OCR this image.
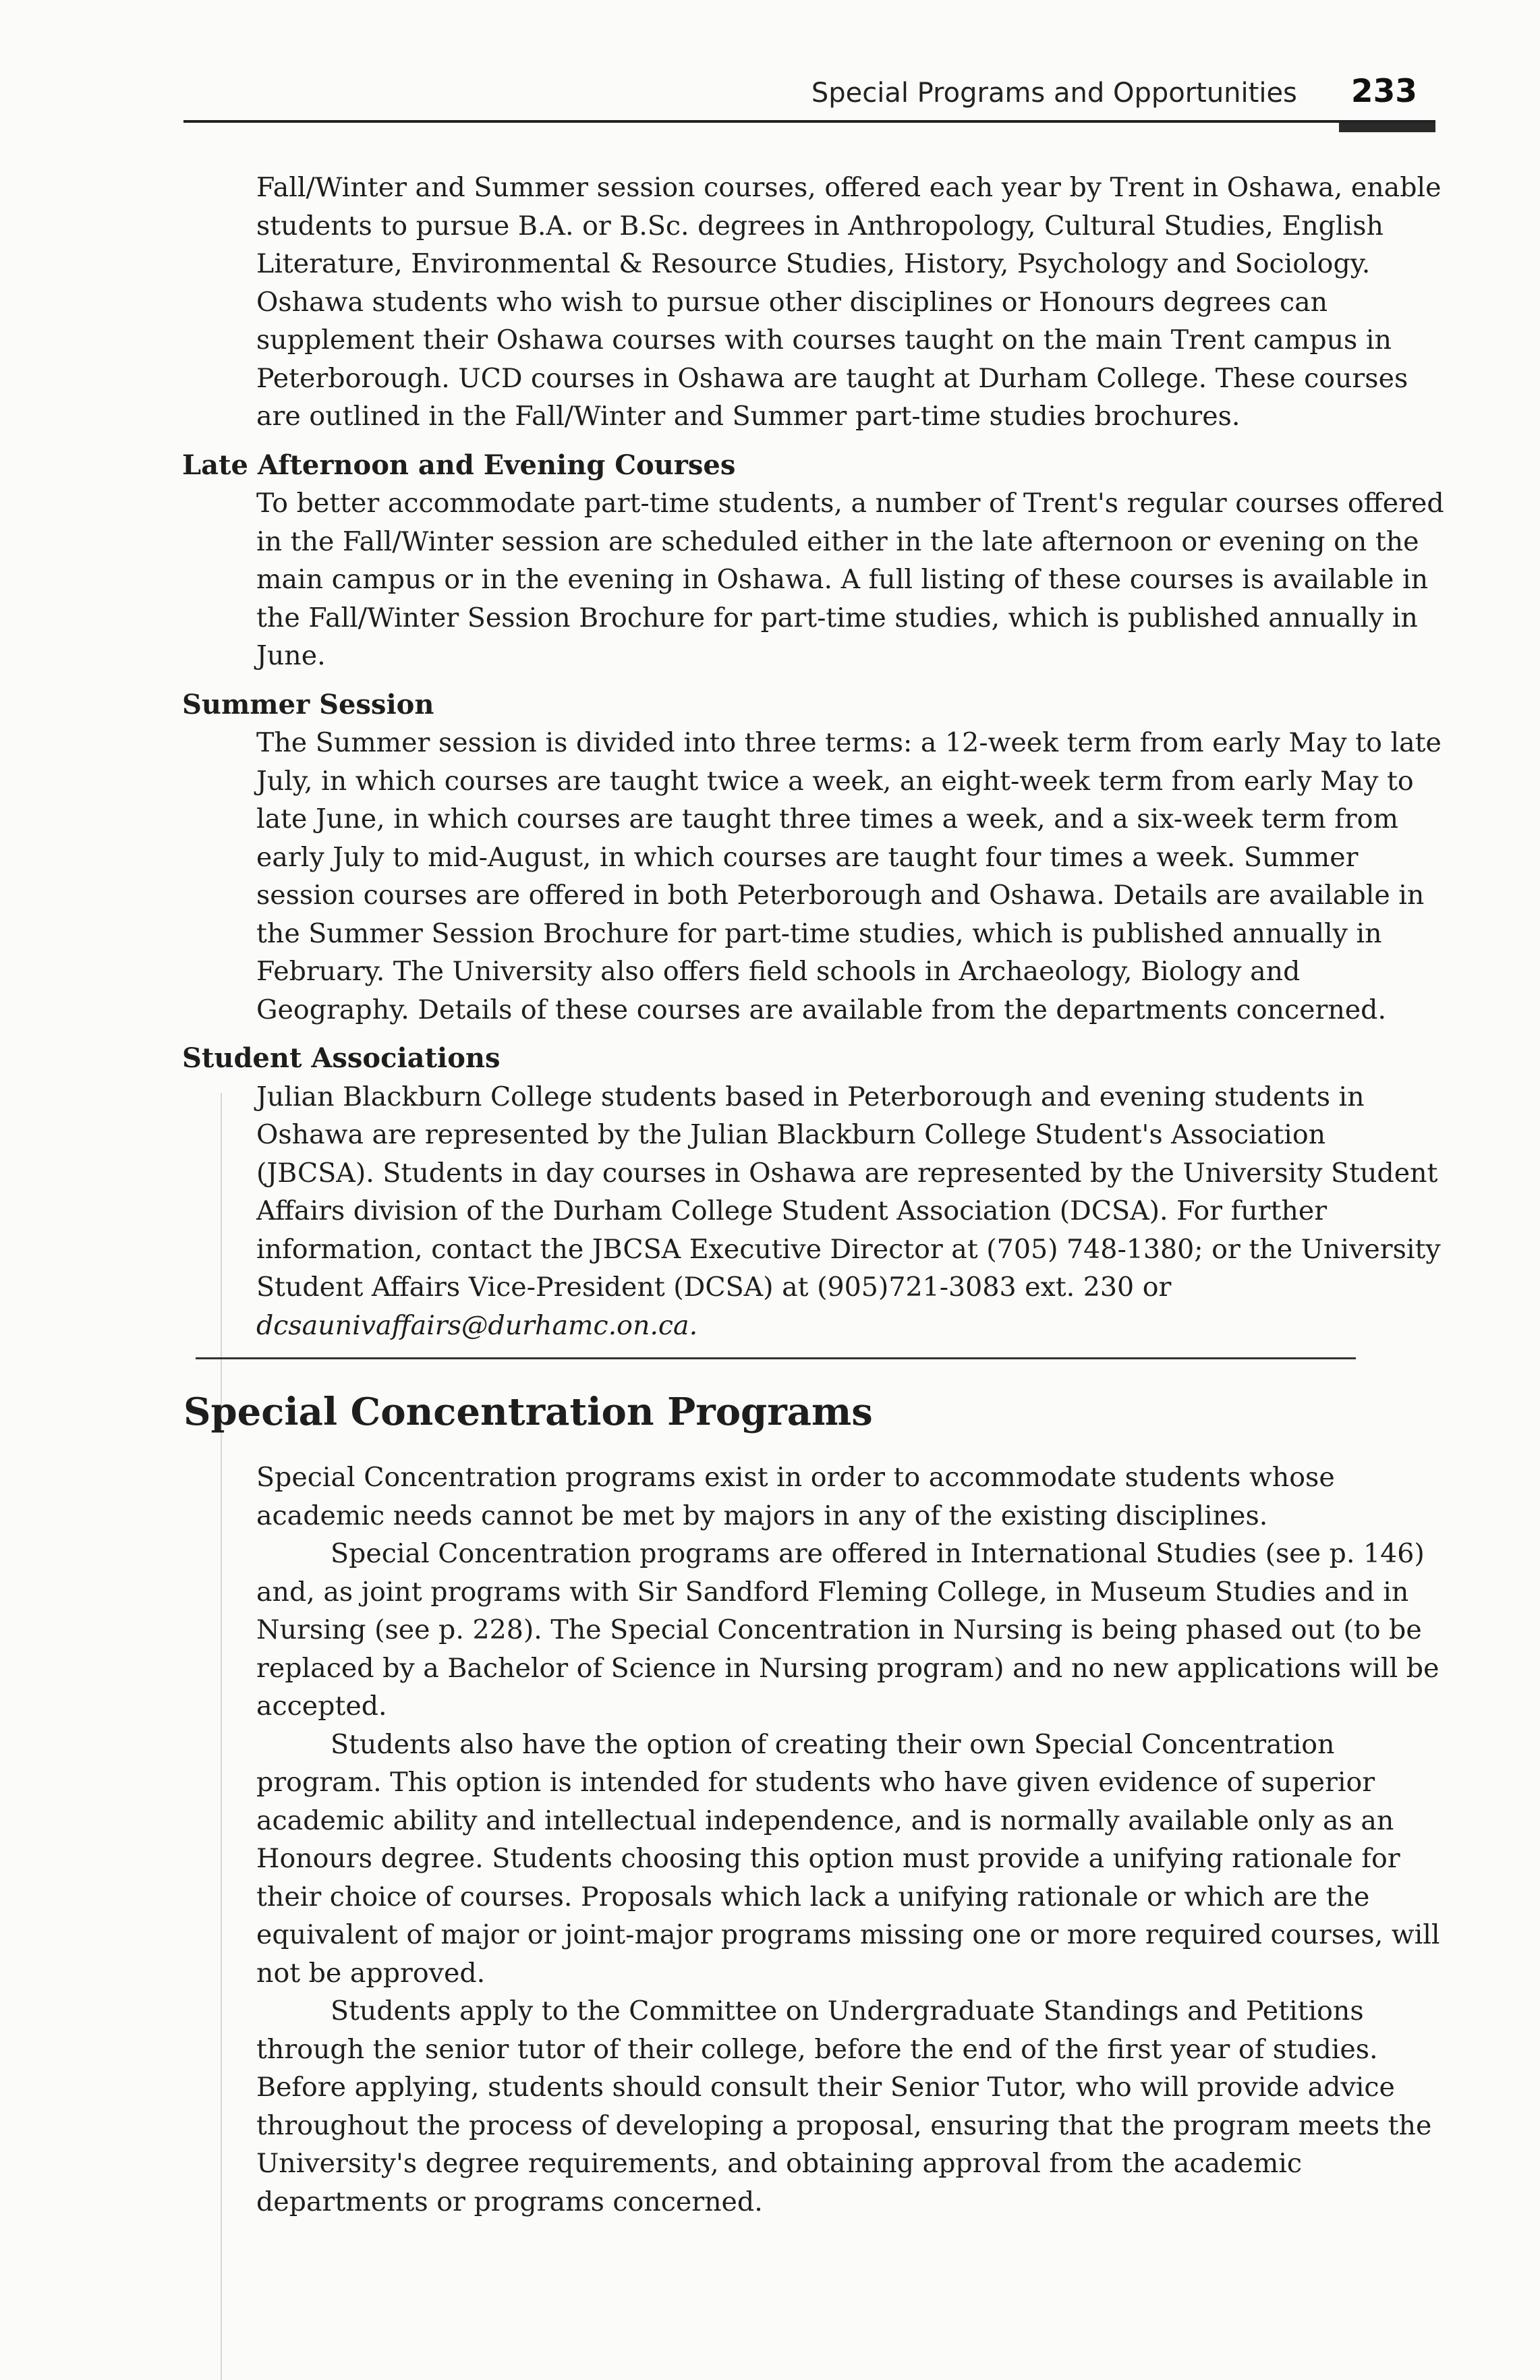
Special Programs and Opportunities 233

Fall/Winter and Summer session courses, offered each year by Trent in Oshawa, enable students to pursue B.A. or B.Sc. degrees in Anthropology, Cultural Studies, English Literature, Environmental & Resource Studies, History, Psychology and Sociology. Oshawa students who wish to pursue other disciplines or Honours degrees can supplement their Oshawa courses with courses taught on the main Trent campus in Peterborough. UCD courses in Oshawa are taught at Durham College. These courses are outlined in the Fall/Winter and Summer part-time studies brochures.

Late Afternoon and Evening Courses

To better accommodate part-time students, a number of Trent's regular courses offered in the Fall/Winter session are scheduled either in the late afternoon or evening on the main campus or in the evening in Oshawa. A full listing of these courses is available in the Fall/Winter Session Brochure for part-time studies, which is published annually in June.

Summer Session

The Summer session is divided into three terms: a 12-week term from early May to late July, in which courses are taught twice a week, an eight-week term from early May to late June, in which courses are taught three times a week, and a six-week term from early July to mid-August, in which courses are taught four times a week. Summer session courses are offered in both Peterborough and Oshawa. Details are available in the Summer Session Brochure for part-time studies, which is published annually in February. The University also offers field schools in Archaeology, Biology and Geography. Details of these courses are available from the departments concerned.

Student Associations

Julian Blackburn College students based in Peterborough and evening students in Oshawa are represented by the Julian Blackburn College Student's Association (JBCSA). Students in day courses in Oshawa are represented by the University Student Affairs division of the Durham College Student Association (DCSA). For further information, contact the JBCSA Executive Director at (705) 748-1380; or the University Student Affairs Vice-President (DCSA) at (905)721-3083 ext. 230 or dcsaunivaffairs@durhamc.on.ca.

Special Concentration Programs

Special Concentration programs exist in order to accommodate students whose academic needs cannot be met by majors in any of the existing disciplines.

Special Concentration programs are offered in International Studies (see p. 146) and, as joint programs with Sir Sandford Fleming College, in Museum Studies and in Nursing (see p. 228). The Special Concentration in Nursing is being phased out (to be replaced by a Bachelor of Science in Nursing program) and no new applications will be accepted.

Students also have the option of creating their own Special Concentration program. This option is intended for students who have given evidence of superior academic ability and intellectual independence, and is normally available only as an Honours degree. Students choosing this option must provide a unifying rationale for their choice of courses. Proposals which lack a unifying rationale or which are the equivalent of major or joint-major programs missing one or more required courses, will not be approved.

Students apply to the Committee on Undergraduate Standings and Petitions through the senior tutor of their college, before the end of the first year of studies. Before applying, students should consult their Senior Tutor, who will provide advice throughout the process of developing a proposal, ensuring that the program meets the University's degree requirements, and obtaining approval from the academic departments or programs concerned.
